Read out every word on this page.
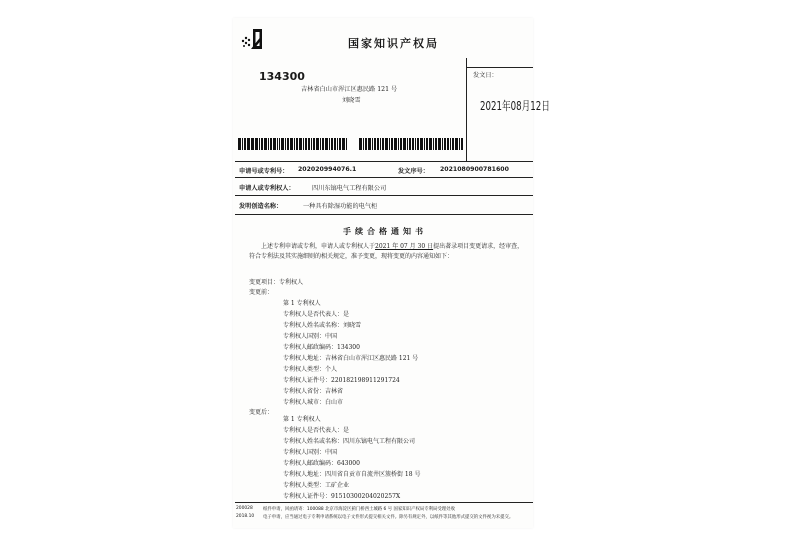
国家知识产权局
134300
吉林省白山市浑江区惠民路 121 号
刘晓雪
发文日：
2021年08月12日
申请号或专利号： 202020994076.1	发文序号： 2021080900781600
申请人或专利权人：	四川东镐电气工程有限公司
发明创造名称：	一种具有除湿功能的电气柜
手续合格通知书
上述专利申请或专利，申请人或专利权人于2021 年 07 月 30 日提出著录项目变更请求，经审查，符合专利法及其实施细则的相关规定，准予变更，现将变更的内容通知如下：
变更项目：专利权人
变更前：
第 1 专利权人
专利权人是否代表人：是
专利权人姓名或名称：刘晓雪
专利权人国别：中国
专利权人邮政编码：134300
专利权人地址：吉林省白山市浑江区惠民路 121 号
专利权人类型：个人
专利权人证件号：220182198911291724
专利权人省份：吉林省
专利权人城市：白山市
变更后：
第 1 专利权人
专利权人是否代表人：是
专利权人姓名或名称：四川东镐电气工程有限公司
专利权人国别：中国
专利权人邮政编码：643000
专利权人地址：四川省自贡市自流井区簇桥街 18 号
专利权人类型：工矿企业
专利权人证件号：91510300204020257X
200028
2018.10
纸件申请，回函请寄：100088 北京市海淀区蓟门桥西土城路 6 号 国家知识产权局专利局受理处收
电子申请，应当通过电子专利申请系统以电子文件形式提交相关文件。除另有规定外，以纸件等其他形式提交的文件视为未提交。
